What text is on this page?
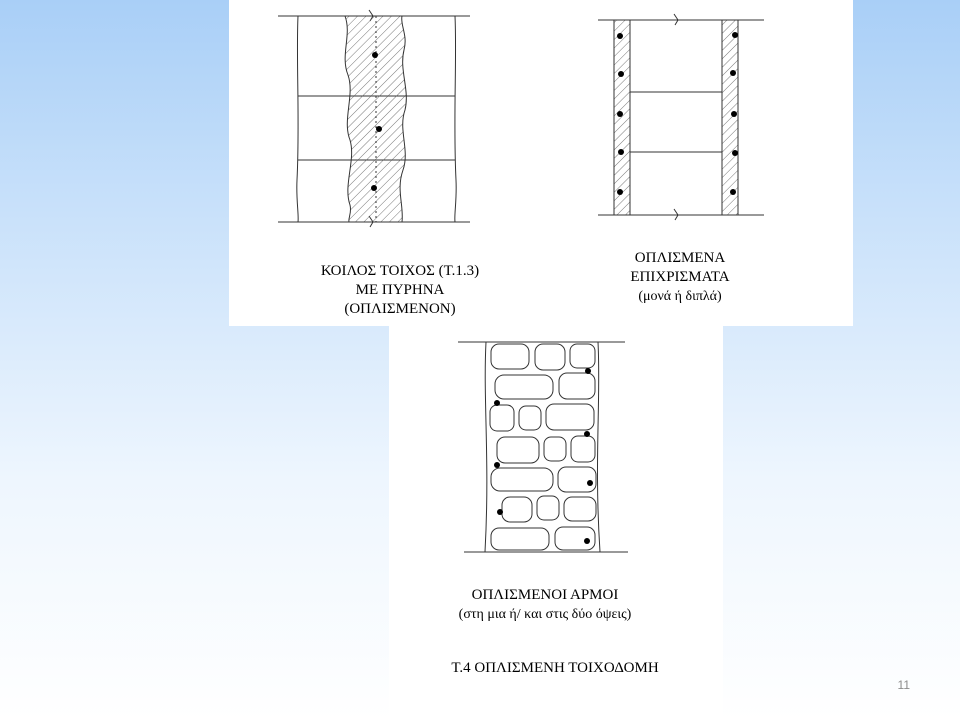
ΚΟΙΛΟΣ ΤΟΙΧΟΣ (Τ.1.3)
ΜΕ ΠΥΡΗΝΑ
(ΟΠΛΙΣΜΕΝΟΝ)
ΟΠΛΙΣΜΕΝΑ
ΕΠΙΧΡΙΣΜΑΤΑ
(μονά ή διπλά)
ΟΠΛΙΣΜΕΝΟΙ ΑΡΜΟΙ
(στη μια ή/ και στις δύο όψεις)
Τ.4 ΟΠΛΙΣΜΕΝΗ ΤΟΙΧΟΔΟΜΗ
11
